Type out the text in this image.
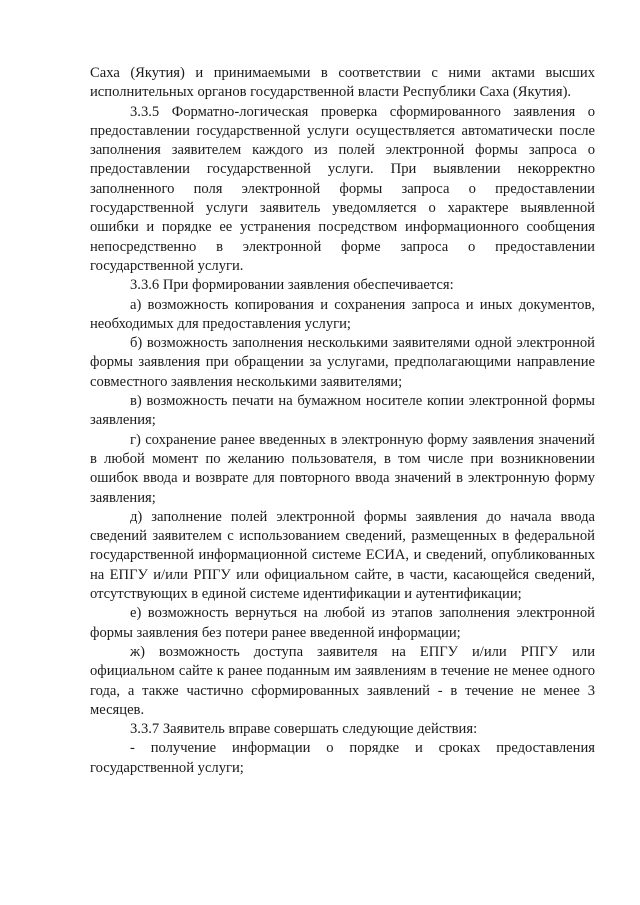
Саха (Якутия) и принимаемыми в соответствии с ними актами высших исполнительных органов государственной власти Республики Саха (Якутия).

3.3.5 Форматно-логическая проверка сформированного заявления о предоставлении государственной услуги осуществляется автоматически после заполнения заявителем каждого из полей электронной формы запроса о предоставлении государственной услуги. При выявлении некорректно заполненного поля электронной формы запроса о предоставлении государственной услуги заявитель уведомляется о характере выявленной ошибки и порядке ее устранения посредством информационного сообщения непосредственно в электронной форме запроса о предоставлении государственной услуги.

3.3.6 При формировании заявления обеспечивается:

а) возможность копирования и сохранения запроса и иных документов, необходимых для предоставления услуги;

б) возможность заполнения несколькими заявителями одной электронной формы заявления при обращении за услугами, предполагающими направление совместного заявления несколькими заявителями;

в) возможность печати на бумажном носителе копии электронной формы заявления;

г) сохранение ранее введенных в электронную форму заявления значений в любой момент по желанию пользователя, в том числе при возникновении ошибок ввода и возврате для повторного ввода значений в электронную форму заявления;

д) заполнение полей электронной формы заявления до начала ввода сведений заявителем с использованием сведений, размещенных в федеральной государственной информационной системе ЕСИА, и сведений, опубликованных на ЕПГУ и/или РПГУ или официальном сайте, в части, касающейся сведений, отсутствующих в единой системе идентификации и аутентификации;

е) возможность вернуться на любой из этапов заполнения электронной формы заявления без потери ранее введенной информации;

ж) возможность доступа заявителя на ЕПГУ и/или РПГУ или официальном сайте к ранее поданным им заявлениям в течение не менее одного года, а также частично сформированных заявлений - в течение не менее 3 месяцев.

3.3.7 Заявитель вправе совершать следующие действия:

- получение информации о порядке и сроках предоставления государственной услуги;
